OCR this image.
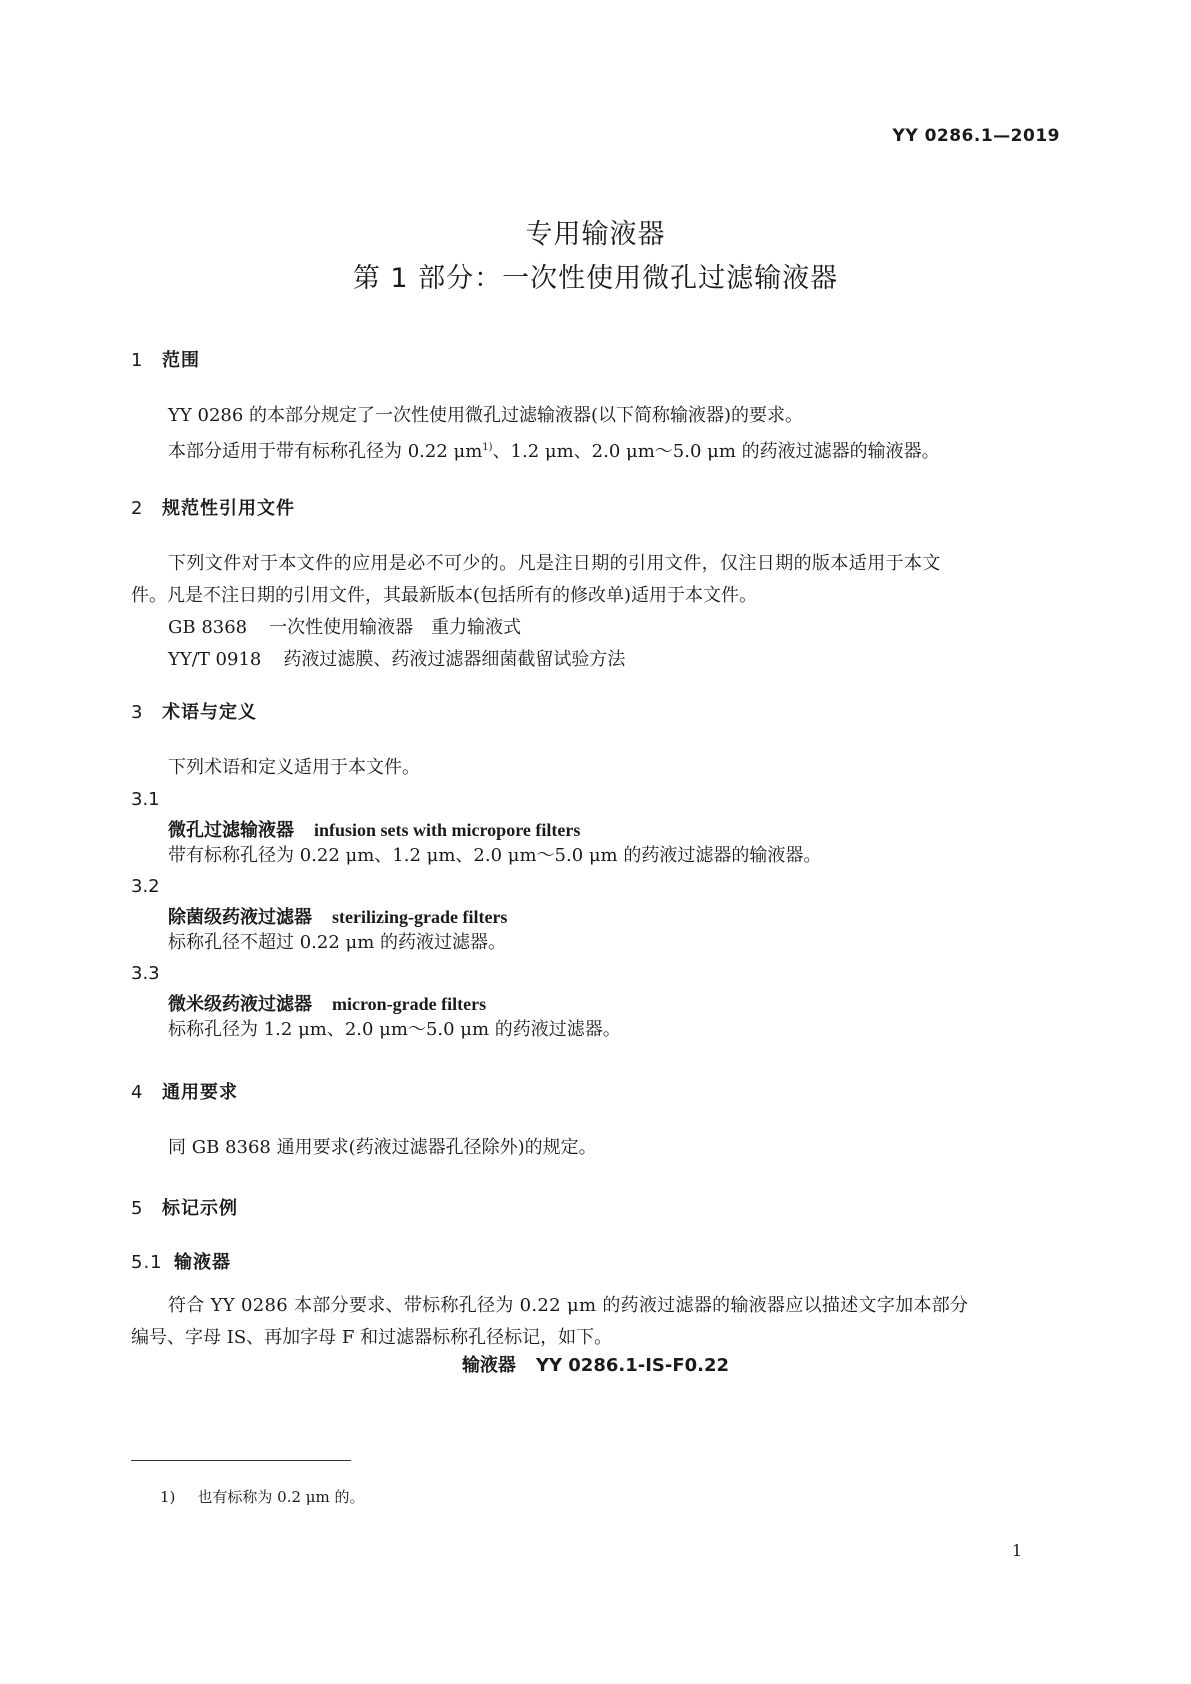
YY 0286.1—2019
专用输液器
第 1 部分：一次性使用微孔过滤输液器
1 范围
YY 0286 的本部分规定了一次性使用微孔过滤输液器(以下简称输液器)的要求。
本部分适用于带有标称孔径为 0.22 $\mu m^{1)}$、1.2 μm、2.0 μm～5.0 μm 的药液过滤器的输液器。
2 规范性引用文件
下列文件对于本文件的应用是必不可少的。凡是注日期的引用文件，仅注日期的版本适用于本文
件。凡是不注日期的引用文件，其最新版本(包括所有的修改单)适用于本文件。
GB 8368 一次性使用输液器　重力输液式
YY/T 0918 药液过滤膜、药液过滤器细菌截留试验方法
3 术语与定义
下列术语和定义适用于本文件。
3.1
微孔过滤输液器 infusion sets with micropore filters
带有标称孔径为 0.22 μm、1.2 μm、2.0 μm～5.0 μm 的药液过滤器的输液器。
3.2
除菌级药液过滤器 sterilizing-grade filters
标称孔径不超过 0.22 μm 的药液过滤器。
3.3
微米级药液过滤器 micron-grade filters
标称孔径为 1.2 μm、2.0 μm～5.0 μm 的药液过滤器。
4 通用要求
同 GB 8368 通用要求(药液过滤器孔径除外)的规定。
5 标记示例
5.1 输液器
符合 YY 0286 本部分要求、带标称孔径为 0.22 μm 的药液过滤器的输液器应以描述文字加本部分
编号、字母 IS、再加字母 F 和过滤器标称孔径标记，如下。
输液器 YY 0286.1-IS-F0.22
1) 也有标称为 0.2 μm 的。
1
